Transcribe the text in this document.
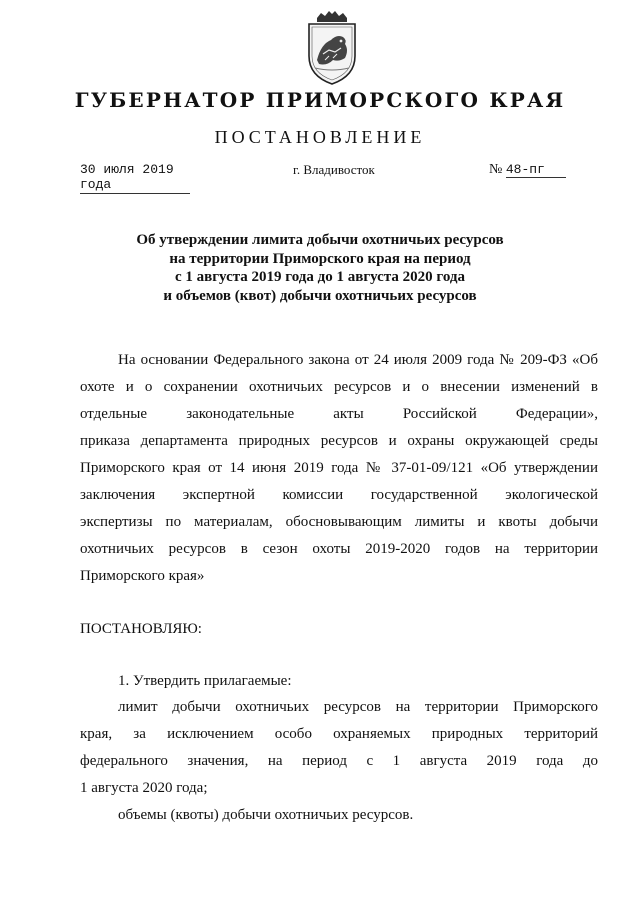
ГУБЕРНАТОР ПРИМОРСКОГО КРАЯ
ПОСТАНОВЛЕНИЕ
30 июля 2019 года
г. Владивосток	№ 48-пг
Об утверждении лимита добычи охотничьих ресурсов
на территории Приморского края на период
с 1 августа 2019 года до 1 августа 2020 года
и объемов (квот) добычи охотничьих ресурсов
На основании Федерального закона от 24 июля 2009 года № 209-ФЗ «Об
охоте и о сохранении охотничьих ресурсов и о внесении изменений в
отдельные законодательные акты Российской Федерации»,
приказа департамента природных ресурсов и охраны окружающей среды
Приморского края от 14 июня 2019 года № 37-01-09/121 «Об утверждении
заключения экспертной комиссии государственной экологической
экспертизы по материалам, обосновывающим лимиты и квоты добычи
охотничьих ресурсов в сезон охоты 2019-2020 годов на территории
Приморского края»
ПОСТАНОВЛЯЮ:
1. Утвердить прилагаемые:
лимит добычи охотничьих ресурсов на территории Приморского
края, за исключением особо охраняемых природных территорий
федерального значения, на период с 1 августа 2019 года до
1 августа 2020 года;
объемы (квоты) добычи охотничьих ресурсов.
